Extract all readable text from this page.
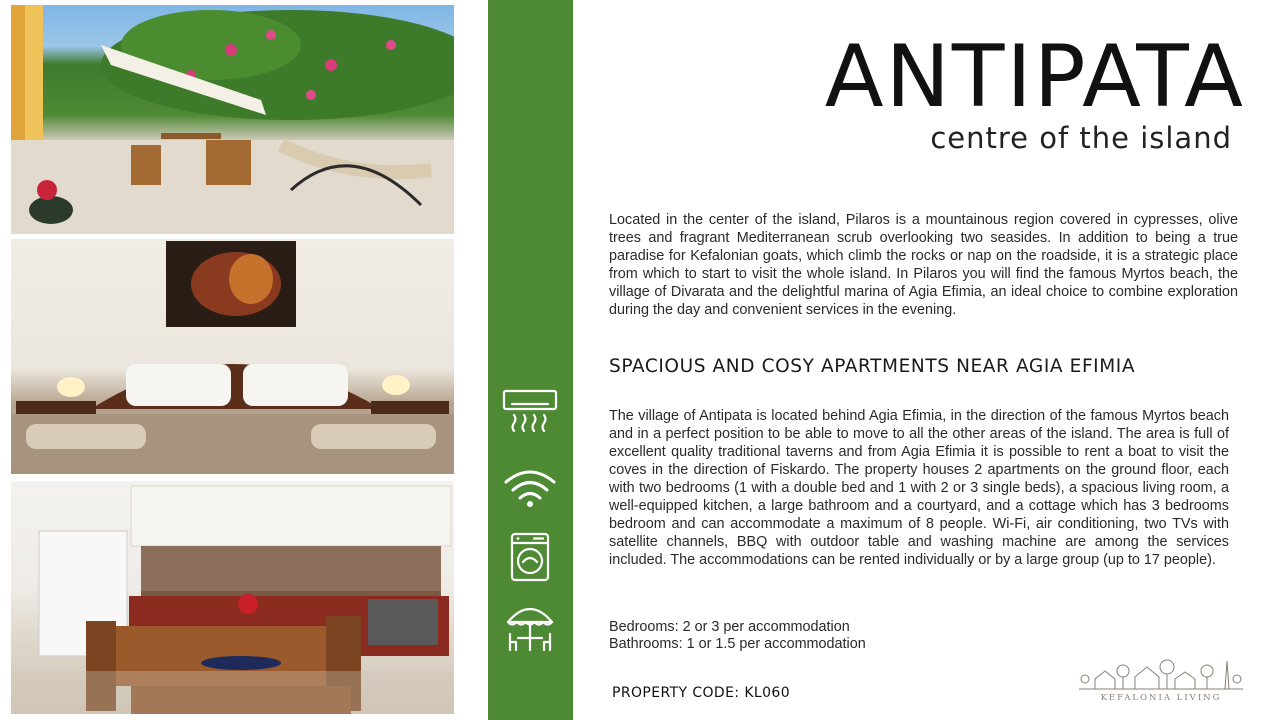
ANTIPATA
centre of the island
Located in the center of the island, Pilaros is a mountainous region covered in cypresses, olive trees and fragrant Mediterranean scrub overlooking two seasides. In addition to being a true paradise for Kefalonian goats, which climb the rocks or nap on the roadside, it is a strategic place from which to start to visit the whole island. In Pilaros you will find the famous Myrtos beach, the village of Divarata and the delightful marina of Agia Efimia, an ideal choice to combine exploration during the day and convenient services in the evening.
SPACIOUS AND COSY APARTMENTS NEAR AGIA EFIMIA
The village of Antipata is located behind Agia Efimia, in the direction of the famous Myrtos beach and in a perfect position to be able to move to all the other areas of the island. The area is full of excellent quality traditional taverns and from Agia Efimia it is possible to rent a boat to visit the coves in the direction of Fiskardo. The property houses 2 apartments on the ground floor, each with two bedrooms (1 with a double bed and 1 with 2 or 3 single beds), a spacious living room, a well-equipped kitchen, a large bathroom and a courtyard, and a cottage which has 3 bedrooms bedroom and can accommodate a maximum of 8 people. Wi-Fi, air conditioning, two TVs with satellite channels, BBQ with outdoor table and washing machine are among the services included. The accommodations can be rented individually or by a large group (up to 17 people).
Bedrooms: 2 or 3 per accommodation
Bathrooms: 1 or 1.5 per accommodation
PROPERTY CODE: KL060	KEFALONIA LIVING
